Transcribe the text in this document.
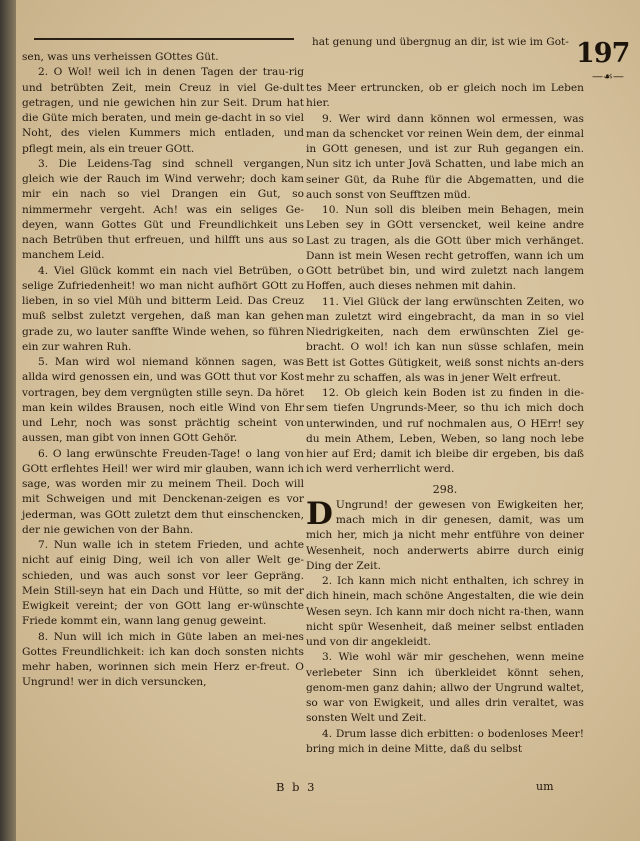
hat genung und übergnug an dir, ist wie im Got- 197
—☙—

sen, was uns verheissen GOttes Güt.

2. O Wol! weil ich in denen Tagen der trau-rig und betrübten Zeit, mein Creuz in viel Ge-dult getragen, und nie gewichen hin zur Seit. Drum hat die Güte mich beraten, und mein ge-dacht in so viel Noht, des vielen Kummers mich entladen, und pflegt mein, als ein treuer GOtt.

3. Die Leidens-Tag sind schnell vergangen, gleich wie der Rauch im Wind verwehr; doch kam mir ein nach so viel Drangen ein Gut, so nimmermehr vergeht. Ach! was ein seliges Ge-deyen, wann Gottes Güt und Freundlichkeit uns nach Betrüben thut erfreuen, und hilfft uns aus so manchem Leid.

4. Viel Glück kommt ein nach viel Betrüben, o selige Zufriedenheit! wo man nicht aufhört GOtt zu lieben, in so viel Müh und bitterm Leid. Das Creuz muß selbst zuletzt vergehen, daß man kan gehen grade zu, wo lauter sanffte Winde wehen, so führen ein zur wahren Ruh.

5. Man wird wol niemand können sagen, was allda wird genossen ein, und was GOtt thut vor Kost vortragen, bey dem vergnügten stille seyn. Da höret man kein wildes Brausen, noch eitle Wind von Ehr und Lehr, noch was sonst prächtig scheint von aussen, man gibt von innen GOtt Gehör.

6. O lang erwünschte Freuden-Tage! o lang von GOtt erflehtes Heil! wer wird mir glauben, wann ich sage, was worden mir zu meinem Theil. Doch will mit Schweigen und mit Denckenan-zeigen es vor jederman, was GOtt zuletzt dem thut einschencken, der nie gewichen von der Bahn.

7. Nun walle ich in stetem Frieden, und achte nicht auf einig Ding, weil ich von aller Welt ge-schieden, und was auch sonst vor leer Gepräng. Mein Still-seyn hat ein Dach und Hütte, so mit der Ewigkeit vereint; der von GOtt lang er-wünschte Friede kommt ein, wann lang genug geweint.

8. Nun will ich mich in Güte laben an mei-nes Gottes Freundlichkeit: ich kan doch sonsten nichts mehr haben, worinnen sich mein Herz er-freut. O Ungrund! wer in dich versuncken,

tes Meer ertruncken, ob er gleich noch im Leben hier.

9. Wer wird dann können wol ermessen, was man da schencket vor reinen Wein dem, der einmal in GOtt genesen, und ist zur Ruh gegangen ein. Nun sitz ich unter Jovä Schatten, und labe mich an seiner Güt, da Ruhe für die Abgematten, und die auch sonst von Seufftzen müd.

10. Nun soll dis bleiben mein Behagen, mein Leben sey in GOtt versencket, weil keine andre Last zu tragen, als die GOtt über mich verhänget. Dann ist mein Wesen recht getroffen, wann ich um GOtt betrübet bin, und wird zuletzt nach langem Hoffen, auch dieses nehmen mit dahin.

11. Viel Glück der lang erwünschten Zeiten, wo man zuletzt wird eingebracht, da man in so viel Niedrigkeiten, nach dem erwünschten Ziel ge-bracht. O wol! ich kan nun süsse schlafen, mein Bett ist Gottes Gütigkeit, weiß sonst nichts an-ders mehr zu schaffen, als was in jener Welt erfreut.

12. Ob gleich kein Boden ist zu finden in die-sem tiefen Ungrunds-Meer, so thu ich mich doch unterwinden, und ruf nochmalen aus, O HErr! sey du mein Athem, Leben, Weben, so lang noch lebe hier auf Erd; damit ich bleibe dir ergeben, bis daß ich werd verherrlicht werd.

298.

D Ungrund! der gewesen von Ewigkeiten her, mach mich in dir genesen, damit, was um mich her, mich ja nicht mehr entführe von deiner Wesenheit, noch anderwerts abirre durch einig Ding der Zeit.

2. Ich kann mich nicht enthalten, ich schrey in dich hinein, mach schöne Angestalten, die wie dein Wesen seyn. Ich kann mir doch nicht ra-then, wann nicht spür Wesenheit, daß meiner selbst entladen und von dir angekleidt.

3. Wie wohl wär mir geschehen, wenn meine verlebeter Sinn ich überkleidet könnt sehen, genom-men ganz dahin; allwo der Ungrund waltet, so war von Ewigkeit, und alles drin veraltet, was sonsten Welt und Zeit.

4. Drum lasse dich erbitten: o bodenloses Meer! bring mich in deine Mitte, daß du selbst

B b 3	um
